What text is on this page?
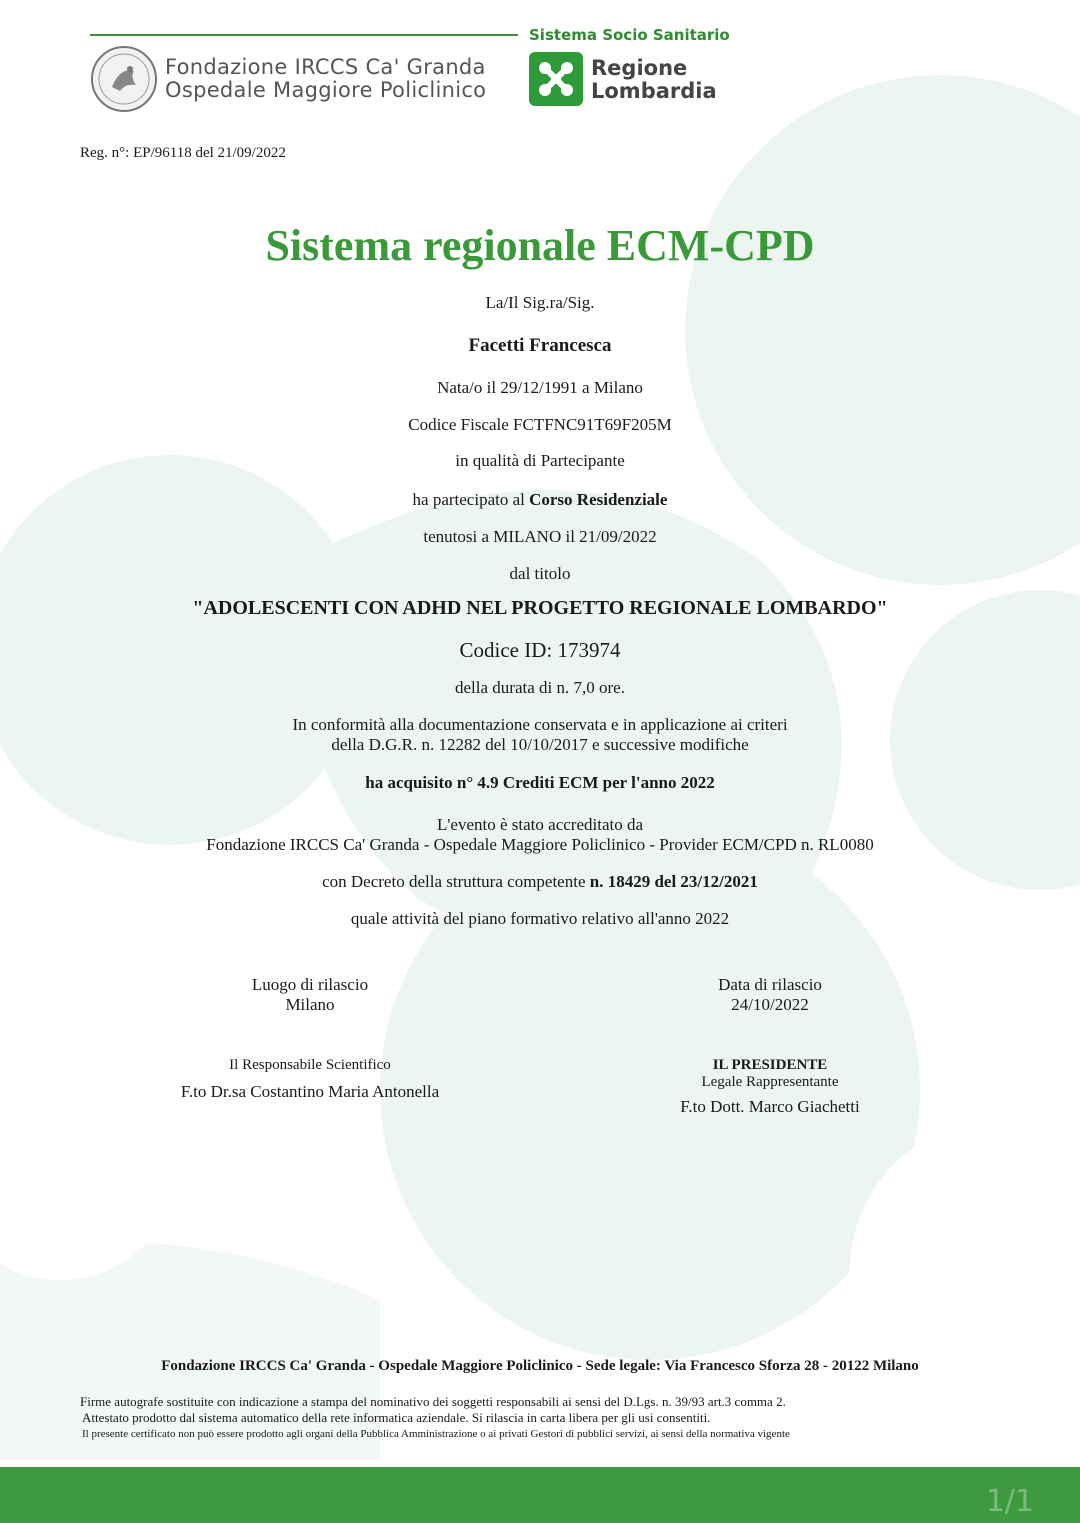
Fondazione IRCCS Ca' Granda
Ospedale Maggiore Policlinico
Sistema Socio Sanitario
Regione
Lombardia
Reg. n°: EP/96118 del 21/09/2022
Sistema regionale ECM-CPD
La/Il Sig.ra/Sig.
Facetti Francesca
Nata/o il 29/12/1991 a Milano
Codice Fiscale FCTFNC91T69F205M
in qualità di Partecipante
ha partecipato al Corso Residenziale
tenutosi a MILANO il 21/09/2022
dal titolo
"ADOLESCENTI CON ADHD NEL PROGETTO REGIONALE LOMBARDO"
Codice ID: 173974
della durata di n. 7,0 ore.
In conformità alla documentazione conservata e in applicazione ai criteri
della D.G.R. n. 12282 del 10/10/2017 e successive modifiche
ha acquisito n° 4.9 Crediti ECM per l'anno 2022
L'evento è stato accreditato da
Fondazione IRCCS Ca' Granda - Ospedale Maggiore Policlinico - Provider ECM/CPD n. RL0080
con Decreto della struttura competente n. 18429 del 23/12/2021
quale attività del piano formativo relativo all'anno 2022
Luogo di rilascio
Milano
Data di rilascio
24/10/2022
Il Responsabile Scientifico
F.to Dr.sa Costantino Maria Antonella
IL PRESIDENTE
Legale Rappresentante
F.to Dott. Marco Giachetti
Fondazione IRCCS Ca' Granda - Ospedale Maggiore Policlinico - Sede legale: Via Francesco Sforza 28 - 20122 Milano
Firme autografe sostituite con indicazione a stampa del nominativo dei soggetti responsabili ai sensi del D.Lgs. n. 39/93 art.3 comma 2.
Attestato prodotto dal sistema automatico della rete informatica aziendale. Si rilascia in carta libera per gli usi consentiti.
Il presente certificato non può essere prodotto agli organi della Pubblica Amministrazione o ai privati Gestori di pubblici servizi, ai sensi della normativa vigente
1/1
